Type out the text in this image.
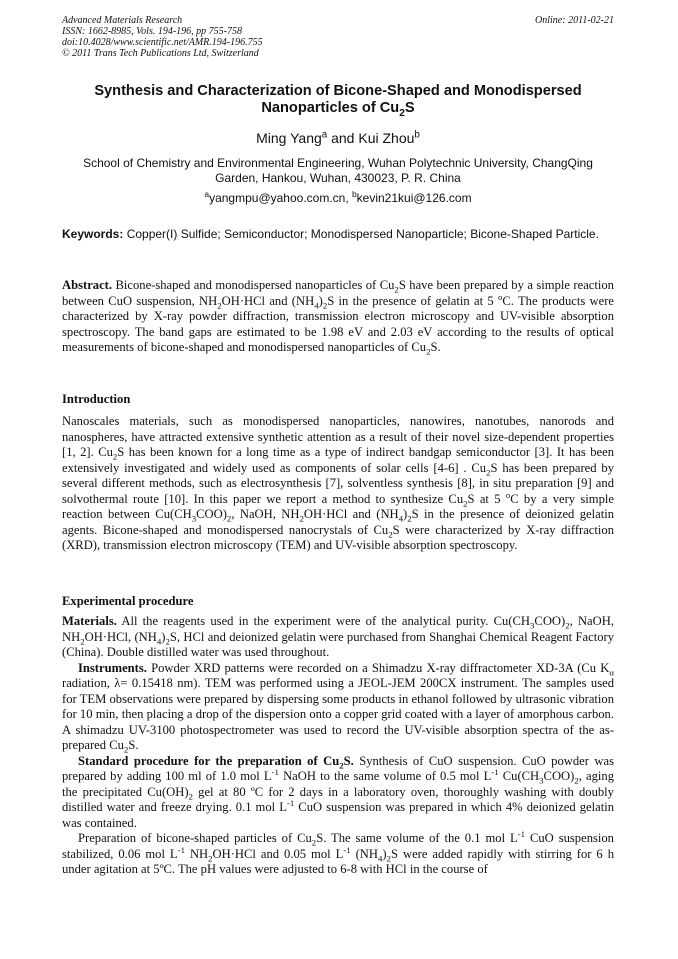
Advanced Materials Research
ISSN: 1662-8985, Vols. 194-196, pp 755-758
doi:10.4028/www.scientific.net/AMR.194-196.755
© 2011 Trans Tech Publications Ltd, Switzerland
Online: 2011-02-21
Synthesis and Characterization of Bicone-Shaped and Monodispersed
Nanoparticles of $Cu_2S$
Ming Yang$^a$ and Kui Zhou$^b$
School of Chemistry and Environmental Engineering, Wuhan Polytechnic University, ChangQing Garden, Hankou, Wuhan, 430023, P. R. China
$^a$yangmpu@yahoo.com.cn, $^b$kevin21kui@126.com
Keywords: Copper(I) Sulfide; Semiconductor; Monodispersed Nanoparticle; Bicone-Shaped Particle.

Abstract. Bicone-shaped and monodispersed nanoparticles of $Cu_2S$ have been prepared by a simple reaction between CuO suspension, $NH_2OH\cdot HCl$ and $(NH_4)_2S$ in the presence of gelatin at 5 $^o$C. The products were characterized by X-ray powder diffraction, transmission electron microscopy and UV-visible absorption spectroscopy. The band gaps are estimated to be 1.98 eV and 2.03 eV according to the results of optical measurements of bicone-shaped and monodispersed nanoparticles of $Cu_2S$.

Introduction

Nanoscales materials, such as monodispersed nanoparticles, nanowires, nanotubes, nanorods and nanospheres, have attracted extensive synthetic attention as a result of their novel size-dependent properties [1, 2]. $Cu_2S$ has been known for a long time as a type of indirect bandgap semiconductor [3]. It has been extensively investigated and widely used as components of solar cells [4-6] . $Cu_2S$ has been prepared by several different methods, such as electrosynthesis [7], solventless synthesis [8], in situ preparation [9] and solvothermal route [10]. In this paper we report a method to synthesize $Cu_2S$ at 5 $^o$C by a very simple reaction between $Cu(CH_3COO)_2$, NaOH, $NH_2OH\cdot HCl$ and $(NH_4)_2S$ in the presence of deionized gelatin agents. Bicone-shaped and monodispersed nanocrystals of $Cu_2S$ were characterized by X-ray diffraction (XRD), transmission electron microscopy (TEM) and UV-visible absorption spectroscopy.

Experimental procedure

Materials. All the reagents used in the experiment were of the analytical purity. $Cu(CH_3COO)_2$, NaOH, $NH_2OH\cdot HCl$, $(NH_4)_2S$, HCl and deionized gelatin were purchased from Shanghai Chemical Reagent Factory (China). Double distilled water was used throughout.

Instruments. Powder XRD patterns were recorded on a Shimadzu X-ray diffractometer XD-3A (Cu $K_\alpha$ radiation, λ= 0.15418 nm). TEM was performed using a JEOL-JEM 200CX instrument. The samples used for TEM observations were prepared by dispersing some products in ethanol followed by ultrasonic vibration for 10 min, then placing a drop of the dispersion onto a copper grid coated with a layer of amorphous carbon. A shimadzu UV-3100 photospectrometer was used to record the UV-visible absorption spectra of the as-prepared $Cu_2S$.

Standard procedure for the preparation of $Cu_2S$. Synthesis of CuO suspension. CuO powder was prepared by adding 100 ml of 1.0 mol $L^{-1}$ NaOH to the same volume of 0.5 mol $L^{-1}$ $Cu(CH_3COO)_2$, aging the precipitated $Cu(OH)_2$ gel at 80 ºC for 2 days in a laboratory oven, thoroughly washing with doubly distilled water and freeze drying. 0.1 mol $L^{-1}$ CuO suspension was prepared in which 4% deionized gelatin was contained.

Preparation of bicone-shaped particles of $Cu_2S$. The same volume of the 0.1 mol $L^{-1}$ CuO suspension stabilized, 0.06 mol $L^{-1}$ $NH_2OH\cdot HCl$ and 0.05 mol $L^{-1}$ $(NH_4)_2S$ were added rapidly with stirring for 6 h under agitation at 5ºC. The pH values were adjusted to 6-8 with HCl in the course of
